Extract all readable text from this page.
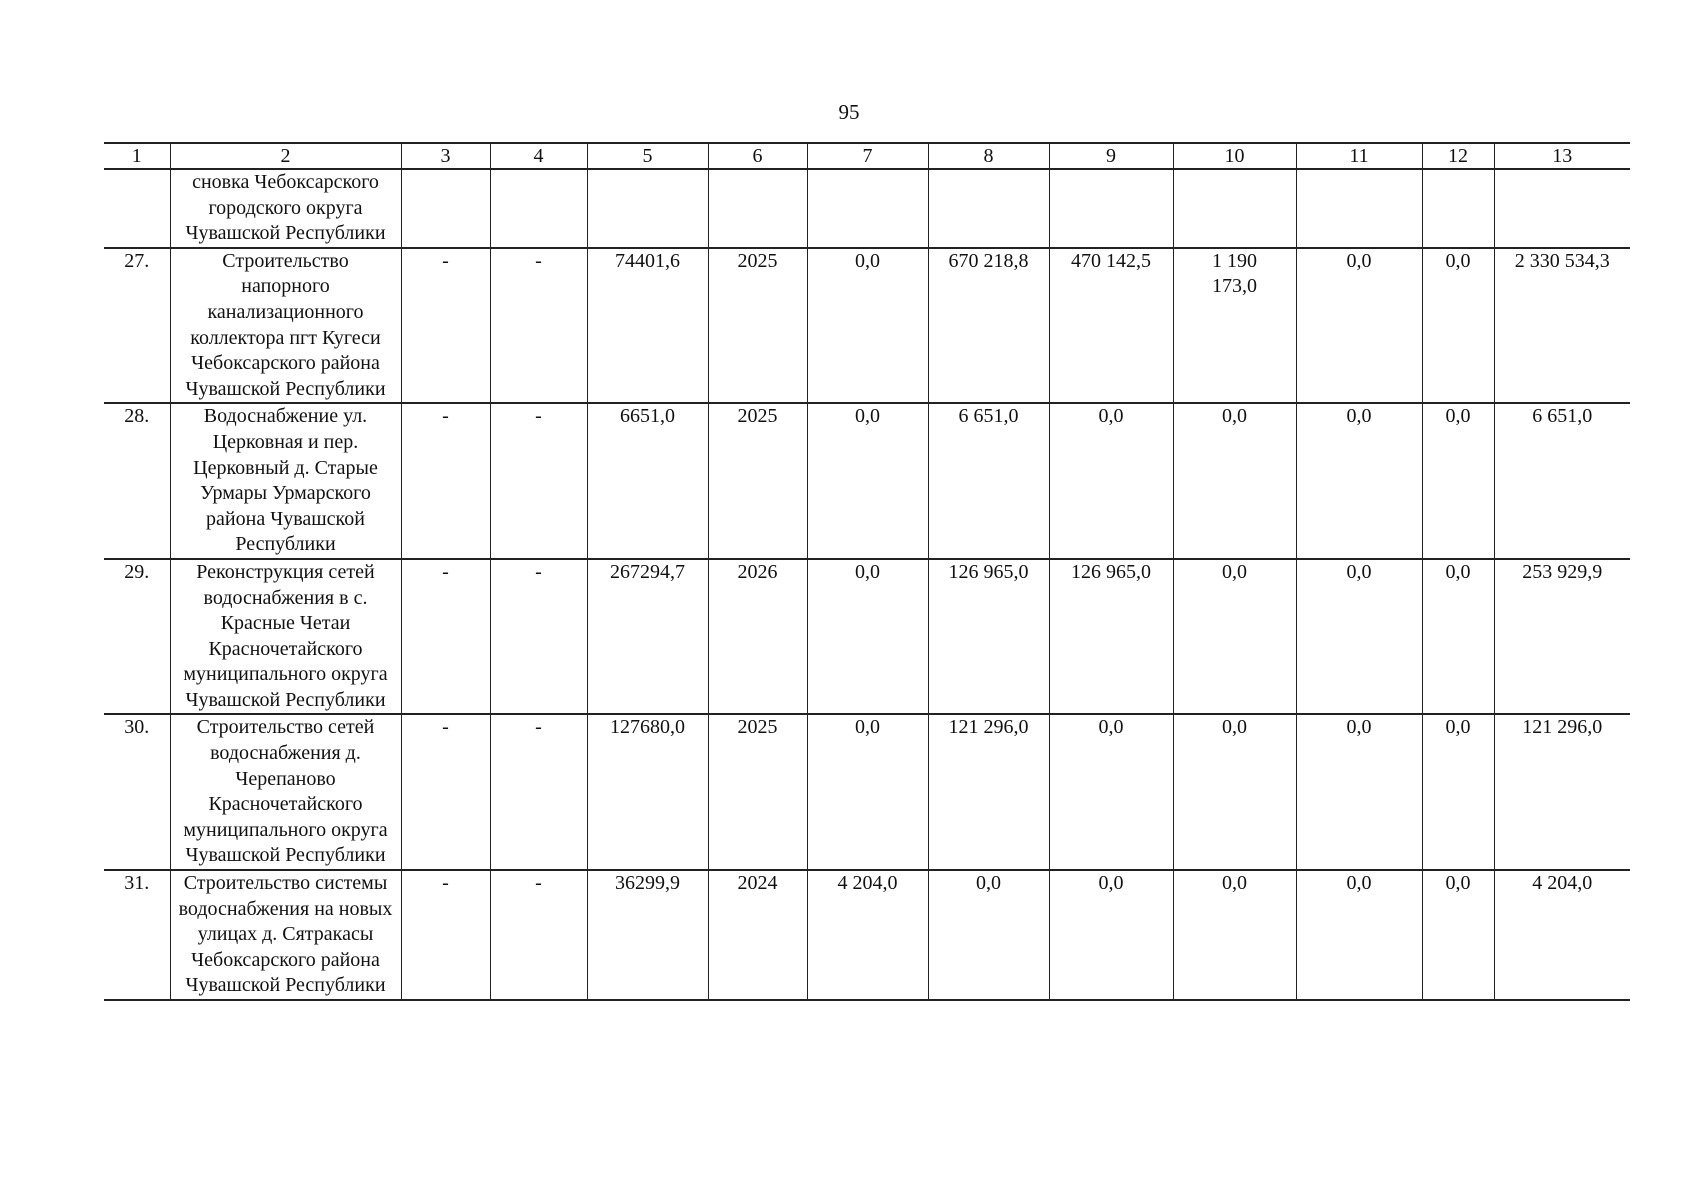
95
1	2	3	4	5	6	7	8	9	10	11	12	13
	сновка Чебоксарского городского округа Чувашской Республики											
27.	Строительство напорного канализационного коллектора пгт Кугеси Чебоксарского района Чувашской Республики	-	-	74401,6	2025	0,0	670 218,8	470 142,5	1 190 173,0	0,0	0,0	2 330 534,3
28.	Водоснабжение ул. Церковная и пер. Церковный д. Старые Урмары Урмарского района Чувашской Республики	-	-	6651,0	2025	0,0	6 651,0	0,0	0,0	0,0	0,0	6 651,0
29.	Реконструкция сетей водоснабжения в с. Красные Четаи Красночетайского муниципального округа Чувашской Республики	-	-	267294,7	2026	0,0	126 965,0	126 965,0	0,0	0,0	0,0	253 929,9
30.	Строительство сетей водоснабжения д. Черепаново Красночетайского муниципального округа Чувашской Республики	-	-	127680,0	2025	0,0	121 296,0	0,0	0,0	0,0	0,0	121 296,0
31.	Строительство системы водоснабжения на новых улицах д. Сятракасы Чебоксарского района Чувашской Республики	-	-	36299,9	2024	4 204,0	0,0	0,0	0,0	0,0	0,0	4 204,0
